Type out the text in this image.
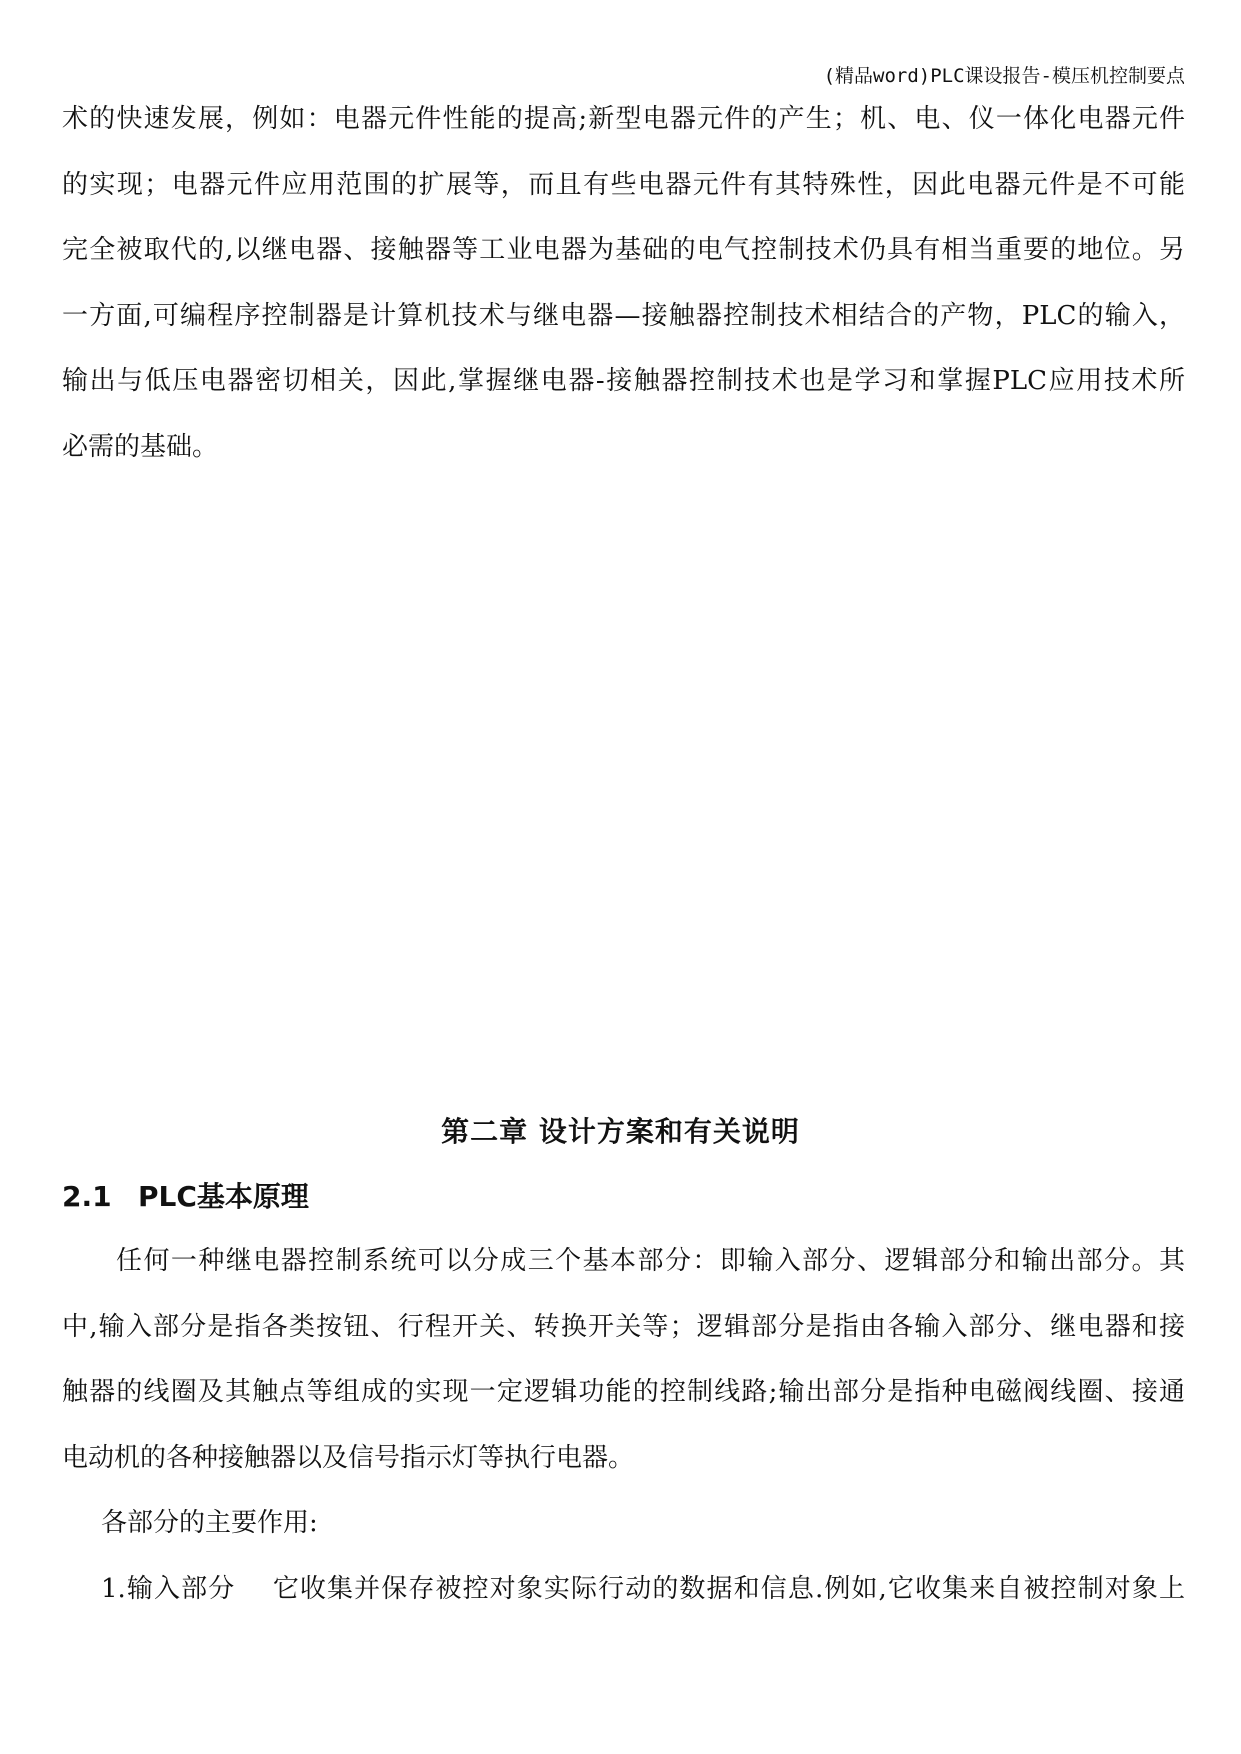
(精品word)PLC课设报告-模压机控制要点
术的快速发展，例如：电器元件性能的提高;新型电器元件的产生；机、电、仪一体化电器元件
的实现；电器元件应用范围的扩展等，而且有些电器元件有其特殊性，因此电器元件是不可能
完全被取代的,以继电器、接触器等工业电器为基础的电气控制技术仍具有相当重要的地位。另
一方面,可编程序控制器是计算机技术与继电器—接触器控制技术相结合的产物，PLC的输入，
输出与低压电器密切相关，因此,掌握继电器-接触器控制技术也是学习和掌握PLC应用技术所
必需的基础。
第二章 设计方案和有关说明
2.1 PLC基本原理
任何一种继电器控制系统可以分成三个基本部分：即输入部分、逻辑部分和输出部分。其
中,输入部分是指各类按钮、行程开关、转换开关等；逻辑部分是指由各输入部分、继电器和接
触器的线圈及其触点等组成的实现一定逻辑功能的控制线路;输出部分是指种电磁阀线圈、接通
电动机的各种接触器以及信号指示灯等执行电器。
各部分的主要作用:
1.输入部分    它收集并保存被控对象实际行动的数据和信息.例如,它收集来自被控制对象上
